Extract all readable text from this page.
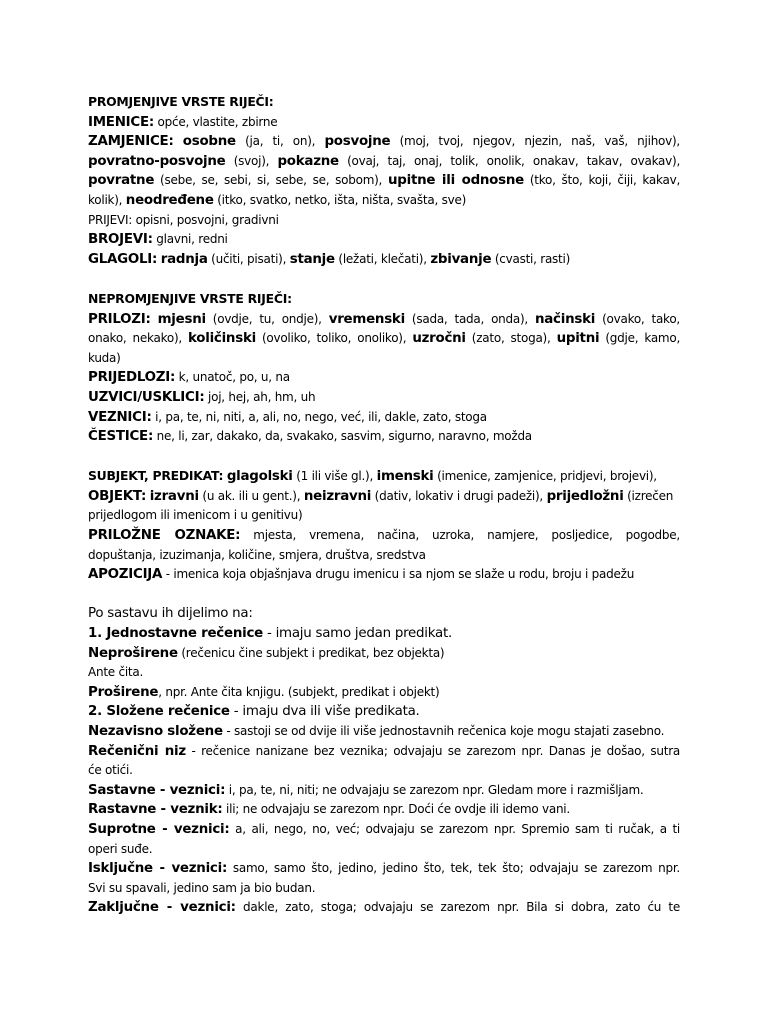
PROMJENJIVE VRSTE RIJEČI:
IMENICE: opće, vlastite, zbirne
ZAMJENICE: osobne (ja, ti, on), posvojne (moj, tvoj, njegov, njezin, naš, vaš, njihov),
povratno-posvojne (svoj), pokazne (ovaj, taj, onaj, tolik, onolik, onakav, takav, ovakav),
povratne (sebe, se, sebi, si, sebe, se, sobom), upitne ili odnosne (tko, što, koji, čiji, kakav,
kolik), neodređene (itko, svatko, netko, išta, ništa, svašta, sve)
PRIJEVI: opisni, posvojni, gradivni
BROJEVI: glavni, redni
GLAGOLI: radnja (učiti, pisati), stanje (ležati, klečati), zbivanje (cvasti, rasti)
NEPROMJENJIVE VRSTE RIJEČI:
PRILOZI: mjesni (ovdje, tu, ondje), vremenski (sada, tada, onda), načinski (ovako, tako,
onako, nekako), količinski (ovoliko, toliko, onoliko), uzročni (zato, stoga), upitni (gdje, kamo,
kuda)
PRIJEDLOZI: k, unatoč, po, u, na
UZVICI/USKLICI: joj, hej, ah, hm, uh
VEZNICI: i, pa, te, ni, niti, a, ali, no, nego, već, ili, dakle, zato, stoga
ČESTICE: ne, li, zar, dakako, da, svakako, sasvim, sigurno, naravno, možda
SUBJEKT, PREDIKAT: glagolski (1 ili više gl.), imenski (imenice, zamjenice, pridjevi, brojevi),
OBJEKT: izravni (u ak. ili u gent.), neizravni (dativ, lokativ i drugi padeži), prijedložni (izrečen
prijedlogom ili imenicom i u genitivu)
PRILOŽNE OZNAKE: mjesta, vremena, načina, uzroka, namjere, posljedice, pogodbe,
dopuštanja, izuzimanja, količine, smjera, društva, sredstva
APOZICIJA - imenica koja objašnjava drugu imenicu i sa njom se slaže u rodu, broju i padežu
Po sastavu ih dijelimo na:
1. Jednostavne rečenice - imaju samo jedan predikat.
Neproširene (rečenicu čine subjekt i predikat, bez objekta)
Ante čita.
Proširene, npr. Ante čita knjigu. (subjekt, predikat i objekt)
2. Složene rečenice - imaju dva ili više predikata.
Nezavisno složene - sastoji se od dvije ili više jednostavnih rečenica koje mogu stajati zasebno.
Rečenični niz - rečenice nanizane bez veznika; odvajaju se zarezom npr. Danas je došao, sutra
će otići.
Sastavne - veznici: i, pa, te, ni, niti; ne odvajaju se zarezom npr. Gledam more i razmišljam.
Rastavne - veznik: ili; ne odvajaju se zarezom npr. Doći će ovdje ili idemo vani.
Suprotne - veznici: a, ali, nego, no, već; odvajaju se zarezom npr. Spremio sam ti ručak, a ti
operi suđe.
Isključne - veznici: samo, samo što, jedino, jedino što, tek, tek što; odvajaju se zarezom npr.
Svi su spavali, jedino sam ja bio budan.
Zaključne - veznici: dakle, zato, stoga; odvajaju se zarezom npr. Bila si dobra, zato ću te
